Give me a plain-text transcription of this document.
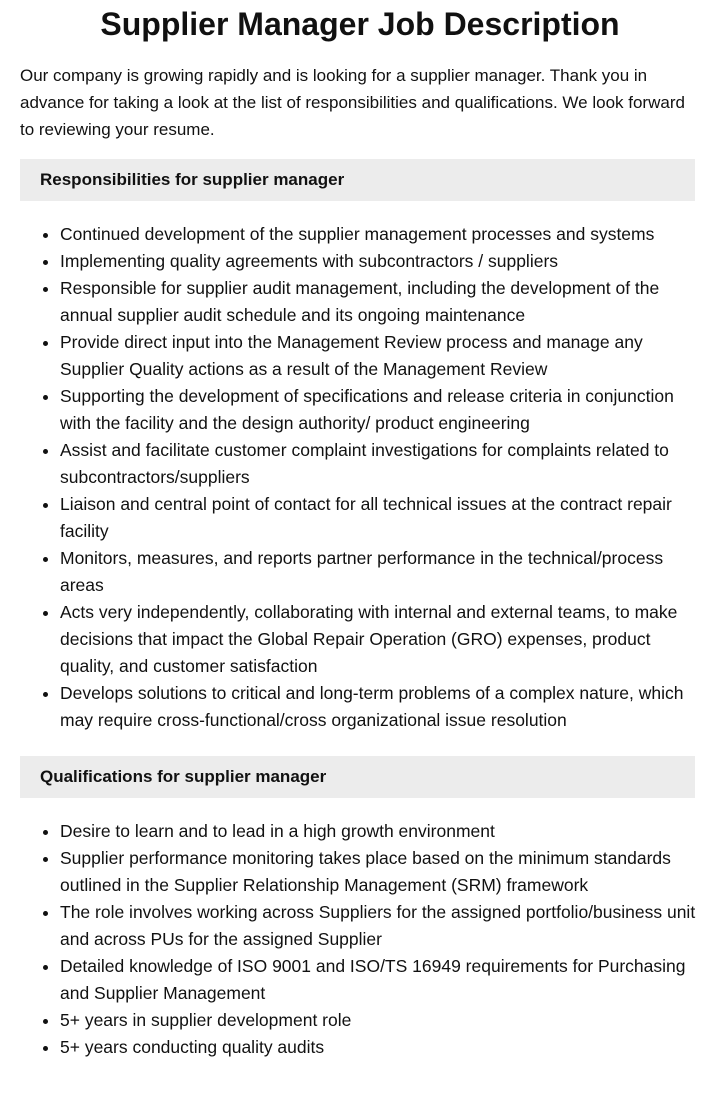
Supplier Manager Job Description

Our company is growing rapidly and is looking for a supplier manager. Thank you in advance for taking a look at the list of responsibilities and qualifications. We look forward to reviewing your resume.

Responsibilities for supplier manager
• Continued development of the supplier management processes and systems
• Implementing quality agreements with subcontractors / suppliers
• Responsible for supplier audit management, including the development of the annual supplier audit schedule and its ongoing maintenance
• Provide direct input into the Management Review process and manage any Supplier Quality actions as a result of the Management Review
• Supporting the development of specifications and release criteria in conjunction with the facility and the design authority/ product engineering
• Assist and facilitate customer complaint investigations for complaints related to subcontractors/suppliers
• Liaison and central point of contact for all technical issues at the contract repair facility
• Monitors, measures, and reports partner performance in the technical/process areas
• Acts very independently, collaborating with internal and external teams, to make decisions that impact the Global Repair Operation (GRO) expenses, product quality, and customer satisfaction
• Develops solutions to critical and long-term problems of a complex nature, which may require cross-functional/cross organizational issue resolution
Qualifications for supplier manager
• Desire to learn and to lead in a high growth environment
• Supplier performance monitoring takes place based on the minimum standards outlined in the Supplier Relationship Management (SRM) framework
• The role involves working across Suppliers for the assigned portfolio/business unit and across PUs for the assigned Supplier
• Detailed knowledge of ISO 9001 and ISO/TS 16949 requirements for Purchasing and Supplier Management
• 5+ years in supplier development role
• 5+ years conducting quality audits
